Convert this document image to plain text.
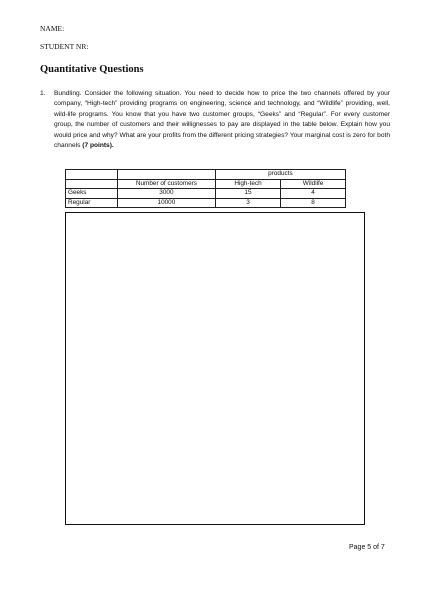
NAME:
STUDENT NR:
Quantitative Questions
1. Bundling. Consider the following situation. You need to decide how to price the two channels offered by your company, “High-tech” providing programs on engineering, science and technology, and “Wildlife” providing, well, wild-life programs. You know that you have two customer groups, “Geeks” and “Regular”. For every customer group, the number of customers and their willignesses to pay are displayed in the table below. Explain how you would price and why? What are your profits from the different pricing strategies? Your marginal cost is zero for both channels (7 points).
		products	
	Number of customers	High-tech	Wildlife
Geeks	3000	15	4
Regular	10000	3	8
Page 5 of 7
